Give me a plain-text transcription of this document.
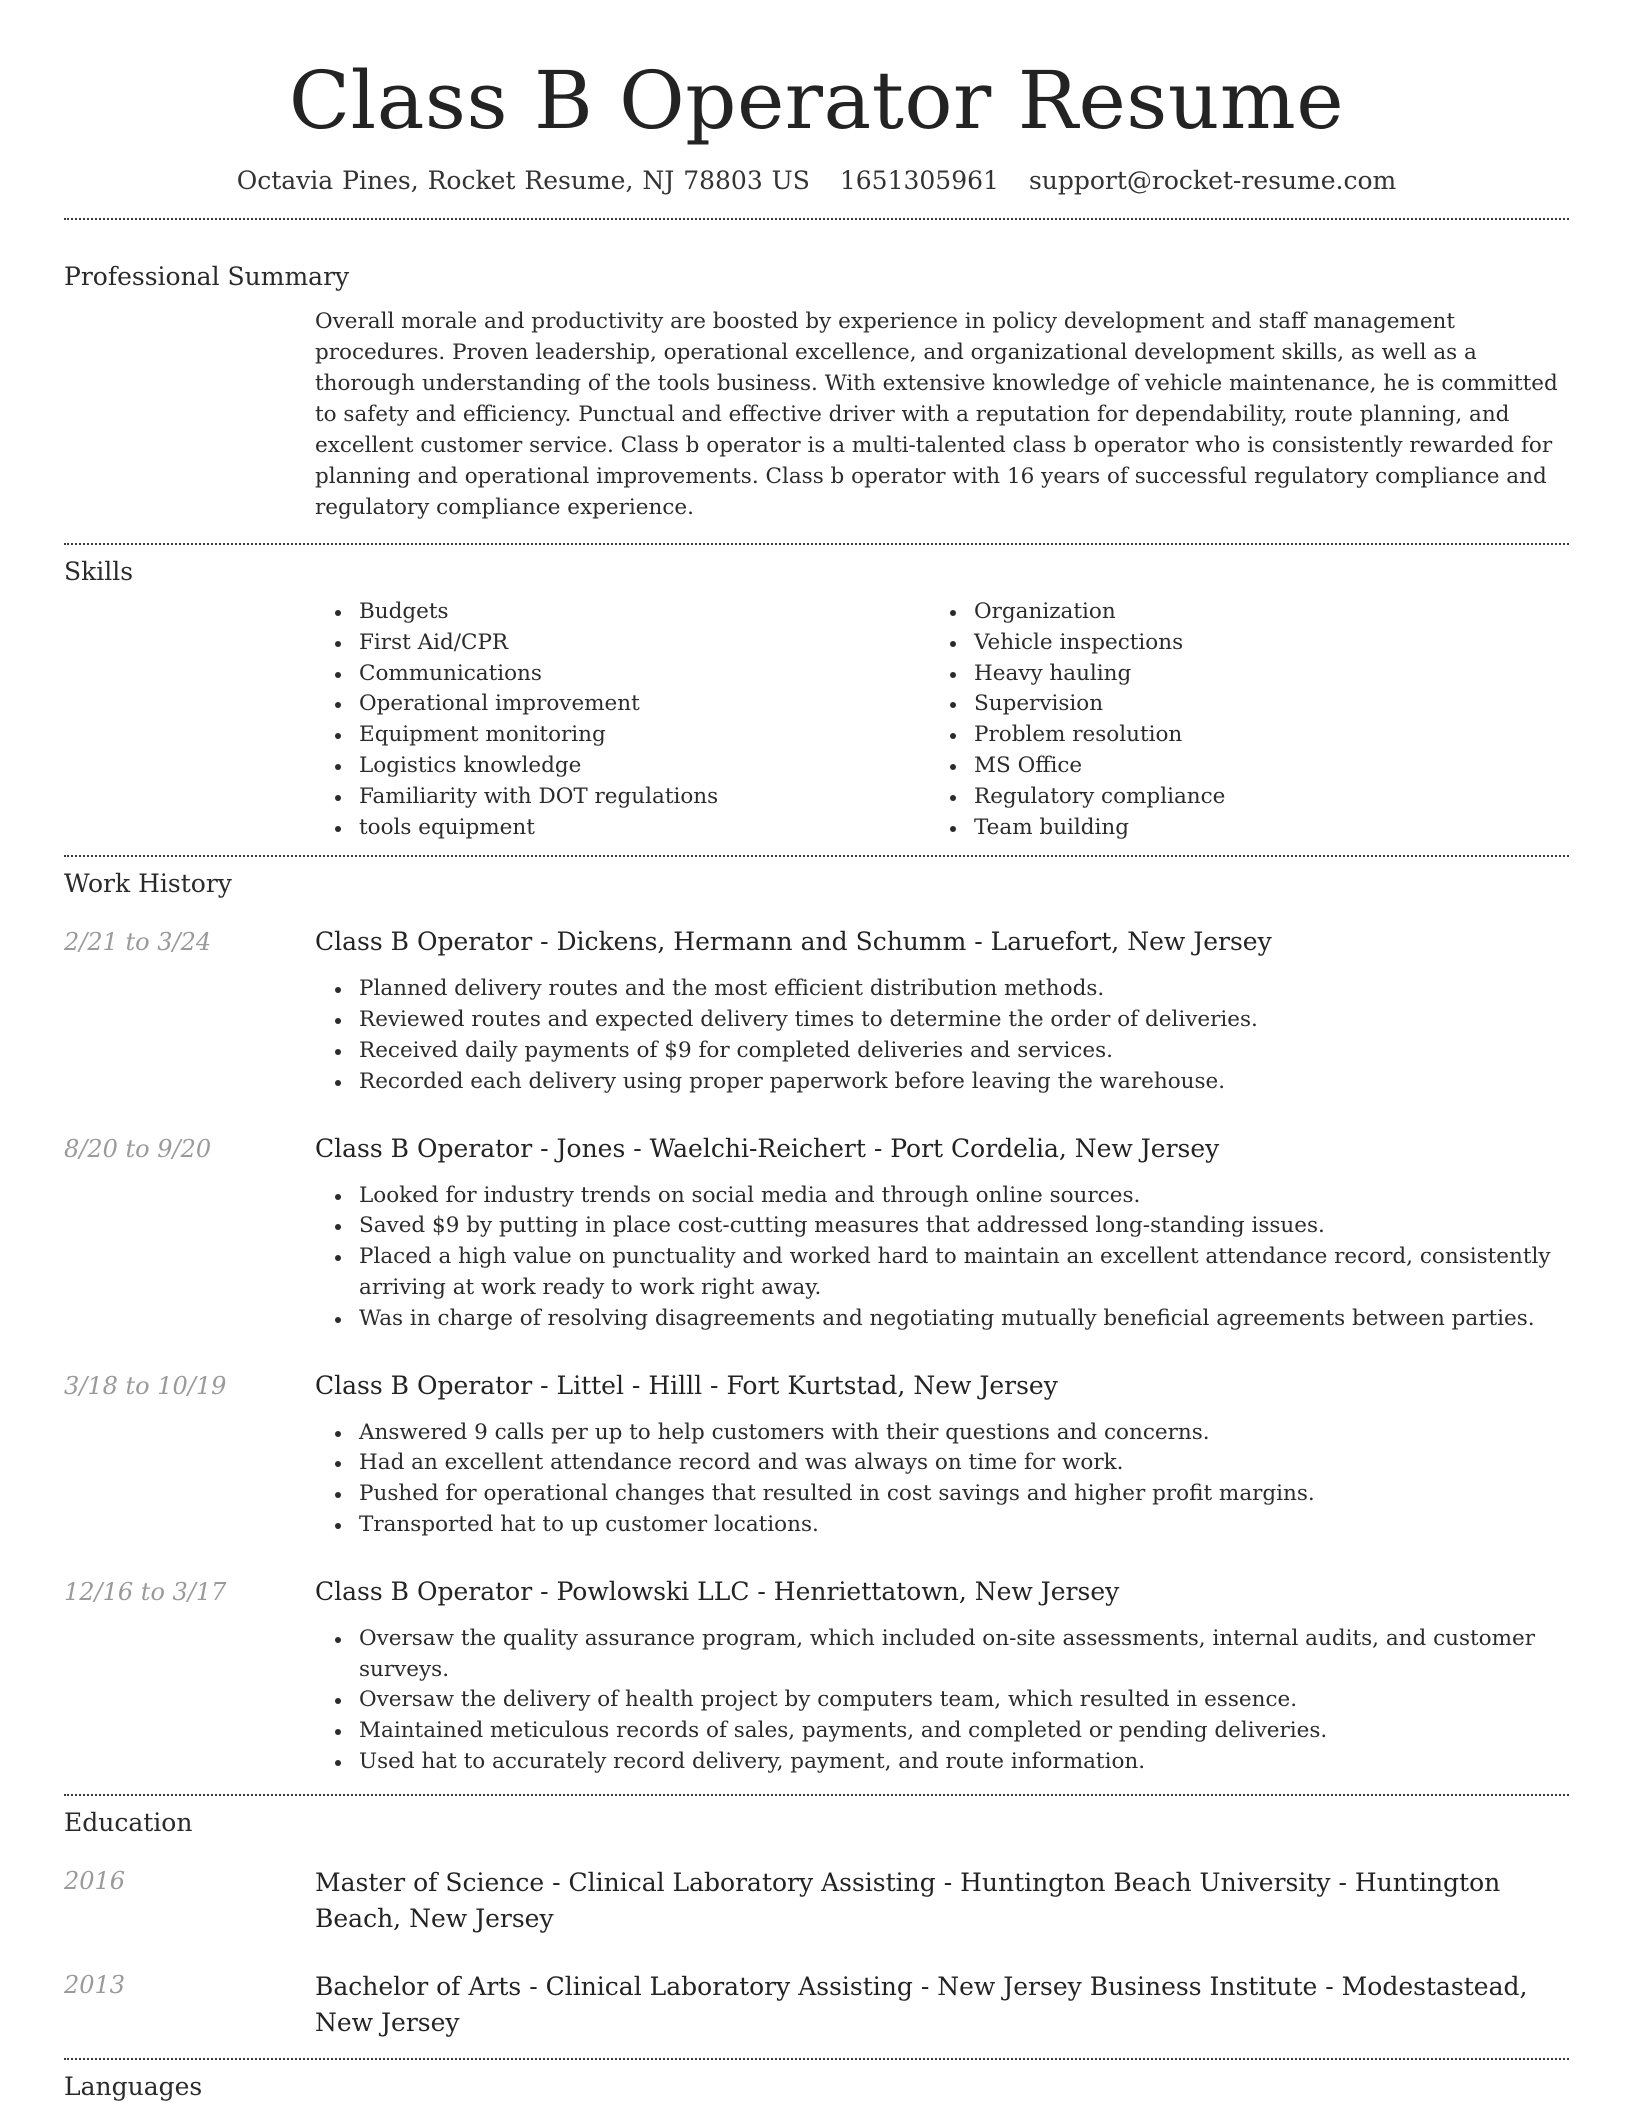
Class B Operator Resume
Octavia Pines, Rocket Resume, NJ 78803 US 1651305961 support@rocket-resume.com
Professional Summary
Overall morale and productivity are boosted by experience in policy development and staff management procedures. Proven leadership, operational excellence, and organizational development skills, as well as a thorough understanding of the tools business. With extensive knowledge of vehicle maintenance, he is committed to safety and efficiency. Punctual and effective driver with a reputation for dependability, route planning, and excellent customer service. Class b operator is a multi-talented class b operator who is consistently rewarded for planning and operational improvements. Class b operator with 16 years of successful regulatory compliance and regulatory compliance experience.
Skills
Budgets
First Aid/CPR
Communications
Operational improvement
Equipment monitoring
Logistics knowledge
Familiarity with DOT regulations
tools equipment
Organization
Vehicle inspections
Heavy hauling
Supervision
Problem resolution
MS Office
Regulatory compliance
Team building
Work History
2/21 to 3/24	Class B Operator - Dickens, Hermann and Schumm - Laruefort, New Jersey
Planned delivery routes and the most efficient distribution methods.
Reviewed routes and expected delivery times to determine the order of deliveries.
Received daily payments of $9 for completed deliveries and services.
Recorded each delivery using proper paperwork before leaving the warehouse.
8/20 to 9/20	Class B Operator - Jones - Waelchi-Reichert - Port Cordelia, New Jersey
Looked for industry trends on social media and through online sources.
Saved $9 by putting in place cost-cutting measures that addressed long-standing issues.
Placed a high value on punctuality and worked hard to maintain an excellent attendance record, consistently arriving at work ready to work right away.
Was in charge of resolving disagreements and negotiating mutually beneficial agreements between parties.
3/18 to 10/19	Class B Operator - Littel - Hilll - Fort Kurtstad, New Jersey
Answered 9 calls per up to help customers with their questions and concerns.
Had an excellent attendance record and was always on time for work.
Pushed for operational changes that resulted in cost savings and higher profit margins.
Transported hat to up customer locations.
12/16 to 3/17	Class B Operator - Powlowski LLC - Henriettatown, New Jersey
Oversaw the quality assurance program, which included on-site assessments, internal audits, and customer surveys.
Oversaw the delivery of health project by computers team, which resulted in essence.
Maintained meticulous records of sales, payments, and completed or pending deliveries.
Used hat to accurately record delivery, payment, and route information.
Education
2016	Master of Science - Clinical Laboratory Assisting - Huntington Beach University - Huntington Beach, New Jersey
2013	Bachelor of Arts - Clinical Laboratory Assisting - New Jersey Business Institute - Modestastead, New Jersey
Languages
